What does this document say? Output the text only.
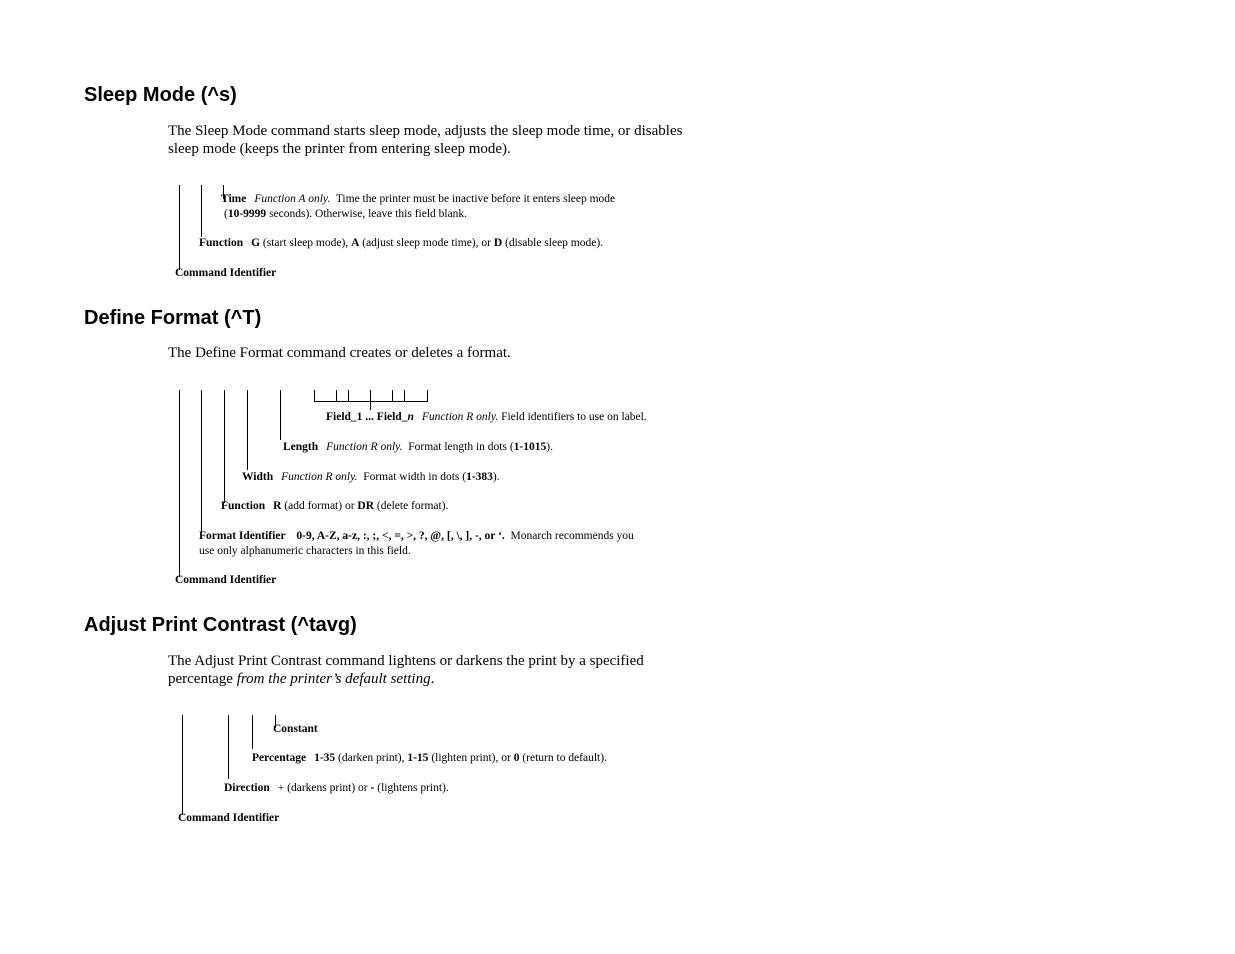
Sleep Mode (^s)

The Sleep Mode command starts sleep mode, adjusts the sleep mode time, or disables sleep mode (keeps the printer from entering sleep mode).

Time Function A only. Time the printer must be inactive before it enters sleep mode
(10-9999 seconds). Otherwise, leave this field blank.
Function G (start sleep mode), A (adjust sleep mode time), or D (disable sleep mode).
Command Identifier
Define Format (^T)

The Define Format command creates or deletes a format.

Field_1 ... Field_n Function R only. Field identifiers to use on label.
Length Function R only. Format length in dots (1-1015).
Width Function R only. Format width in dots (1-383).
Function R (add format) or DR (delete format).
Format Identifier 0-9, A-Z, a-z, :, ;, <, =, >, ?, @, [, \, ], -, or ‘. Monarch recommends you
use only alphanumeric characters in this field.
Command Identifier
Adjust Print Contrast (^tavg)

The Adjust Print Contrast command lightens or darkens the print by a specified percentage from the printer’s default setting.

Constant
Percentage 1-35 (darken print), 1-15 (lighten print), or 0 (return to default).
Direction + (darkens print) or - (lightens print).
Command Identifier
